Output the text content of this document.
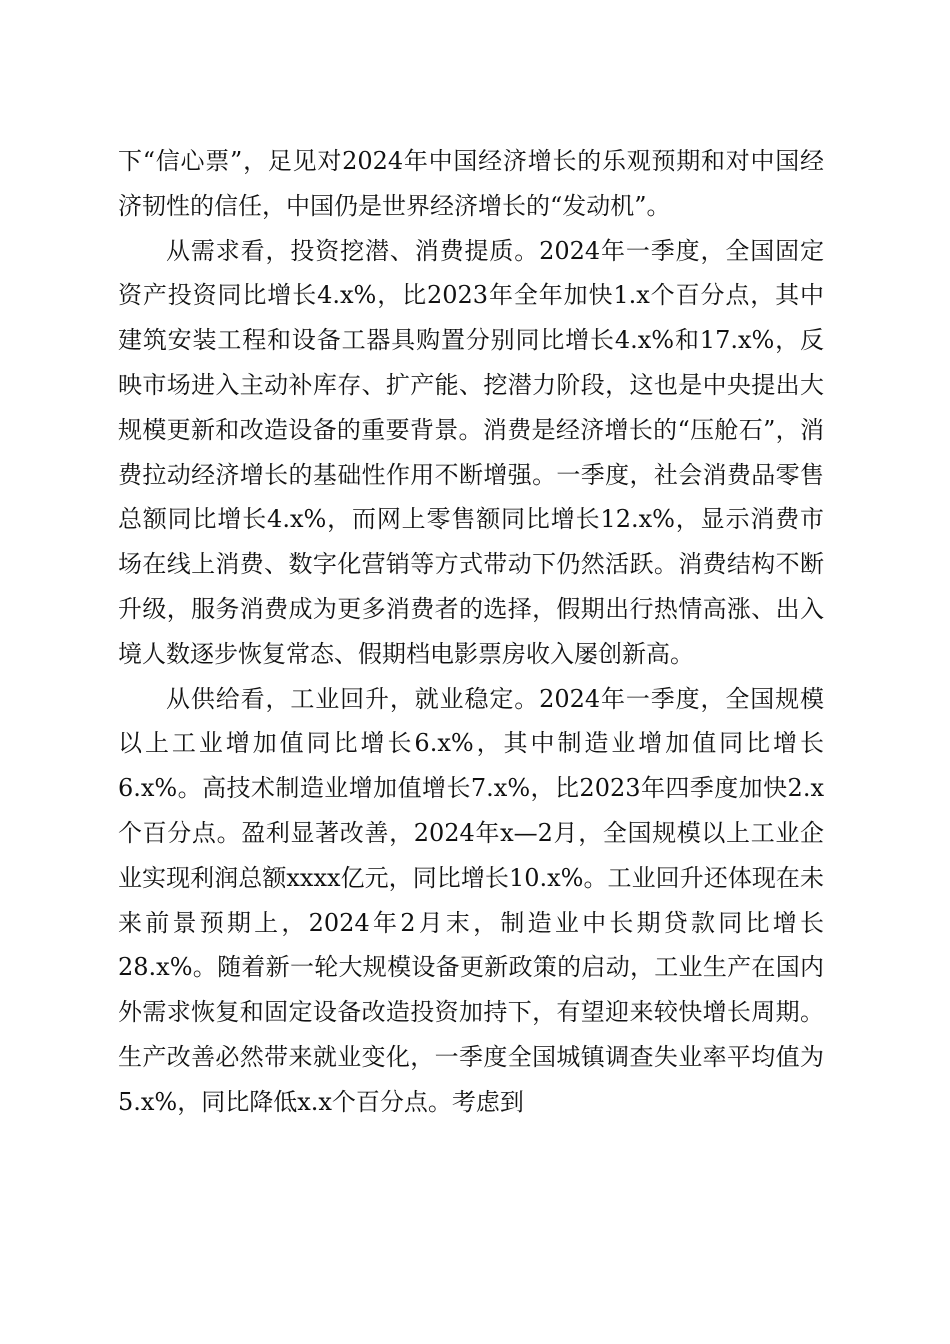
下“信心票”，足见对2024年中国经济增长的乐观预期和对中国经济韧性的信任，中国仍是世界经济增长的“发动机”。

从需求看，投资挖潜、消费提质。2024年一季度，全国固定资产投资同比增长4.x%，比2023年全年加快1.x个百分点，其中建筑安装工程和设备工器具购置分别同比增长4.x%和17.x%，反映市场进入主动补库存、扩产能、挖潜力阶段，这也是中央提出大规模更新和改造设备的重要背景。消费是经济增长的“压舱石”，消费拉动经济增长的基础性作用不断增强。一季度，社会消费品零售总额同比增长4.x%，而网上零售额同比增长12.x%，显示消费市场在线上消费、数字化营销等方式带动下仍然活跃。消费结构不断升级，服务消费成为更多消费者的选择，假期出行热情高涨、出入境人数逐步恢复常态、假期档电影票房收入屡创新高。

从供给看，工业回升，就业稳定。2024年一季度，全国规模以上工业增加值同比增长6.x%，其中制造业增加值同比增长6.x%。高技术制造业增加值增长7.x%，比2023年四季度加快2.x个百分点。盈利显著改善，2024年x—2月，全国规模以上工业企业实现利润总额xxxx亿元，同比增长10.x%。工业回升还体现在未来前景预期上，2024年2月末，制造业中长期贷款同比增长28.x%。随着新一轮大规模设备更新政策的启动，工业生产在国内外需求恢复和固定设备改造投资加持下，有望迎来较快增长周期。生产改善必然带来就业变化，一季度全国城镇调查失业率平均值为5.x%，同比降低x.x个百分点。考虑到
